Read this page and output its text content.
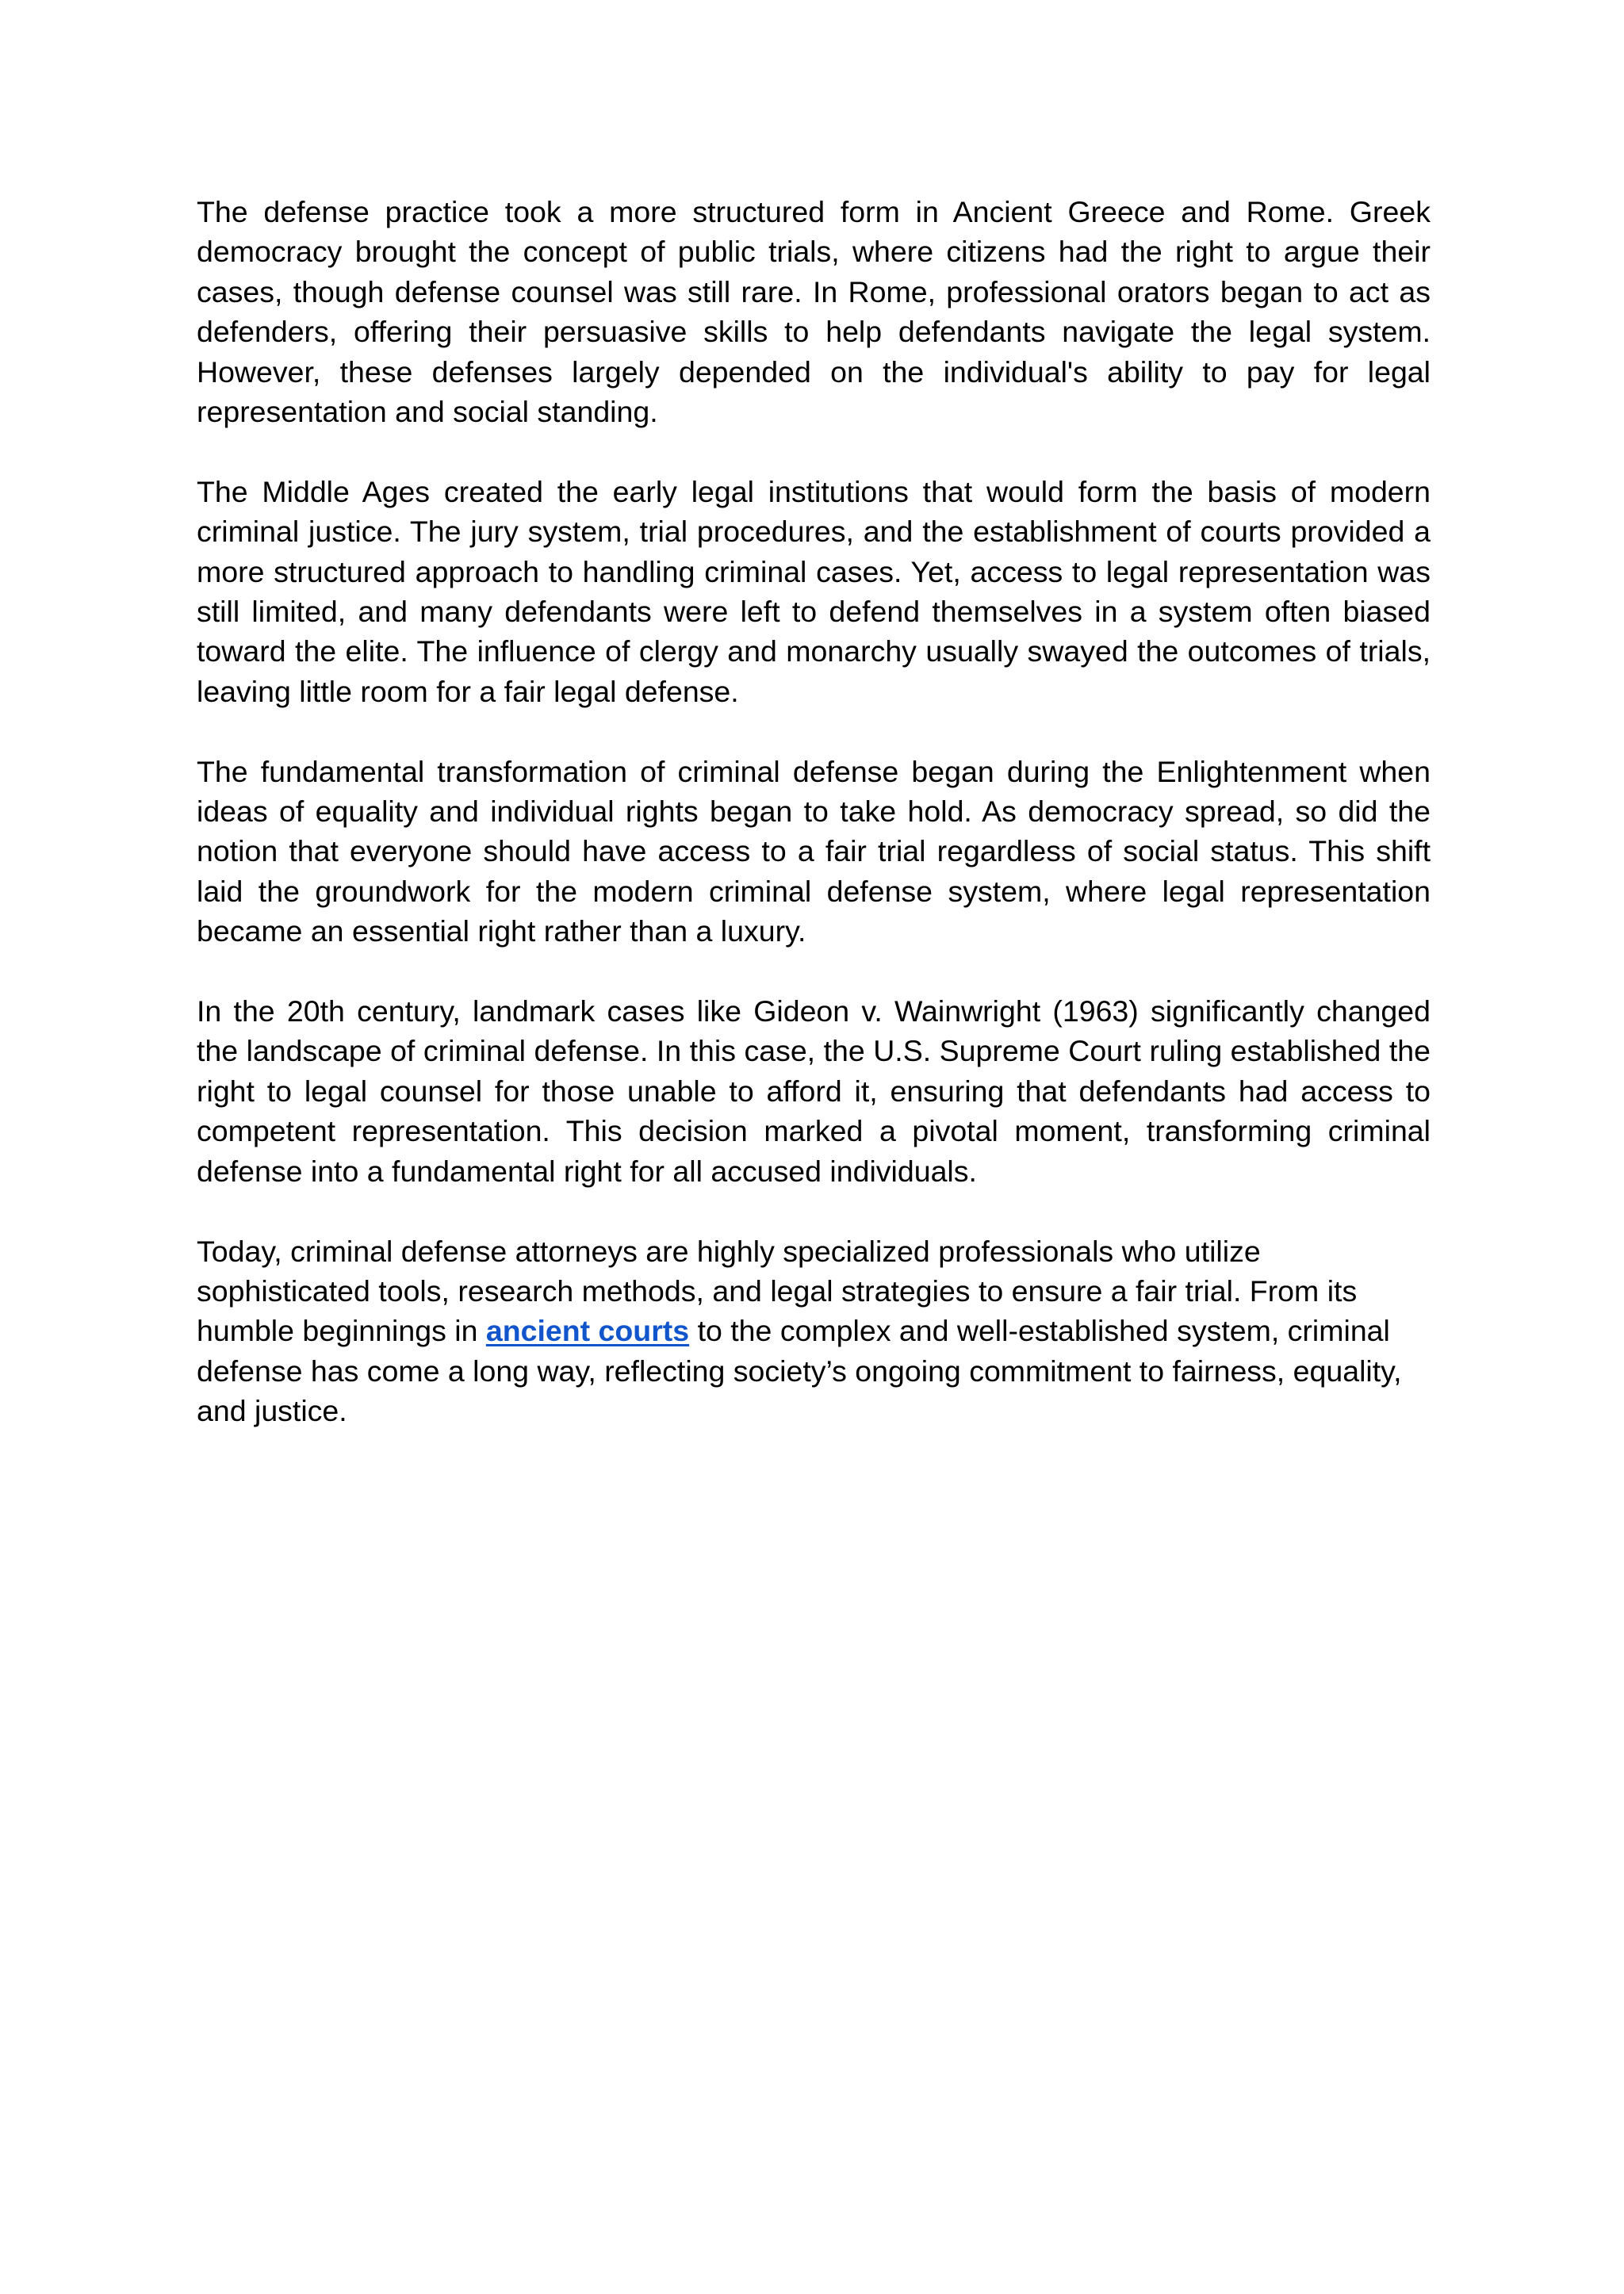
The defense practice took a more structured form in Ancient Greece and Rome. Greek democracy brought the concept of public trials, where citizens had the right to argue their cases, though defense counsel was still rare. In Rome, professional orators began to act as defenders, offering their persuasive skills to help defendants navigate the legal system. However, these defenses largely depended on the individual's ability to pay for legal representation and social standing.

The Middle Ages created the early legal institutions that would form the basis of modern criminal justice. The jury system, trial procedures, and the establishment of courts provided a more structured approach to handling criminal cases. Yet, access to legal representation was still limited, and many defendants were left to defend themselves in a system often biased toward the elite. The influence of clergy and monarchy usually swayed the outcomes of trials, leaving little room for a fair legal defense.

The fundamental transformation of criminal defense began during the Enlightenment when ideas of equality and individual rights began to take hold. As democracy spread, so did the notion that everyone should have access to a fair trial regardless of social status. This shift laid the groundwork for the modern criminal defense system, where legal representation became an essential right rather than a luxury.

In the 20th century, landmark cases like Gideon v. Wainwright (1963) significantly changed the landscape of criminal defense. In this case, the U.S. Supreme Court ruling established the right to legal counsel for those unable to afford it, ensuring that defendants had access to competent representation. This decision marked a pivotal moment, transforming criminal defense into a fundamental right for all accused individuals.

Today, criminal defense attorneys are highly specialized professionals who utilize sophisticated tools, research methods, and legal strategies to ensure a fair trial. From its humble beginnings in ancient courts to the complex and well-established system, criminal defense has come a long way, reflecting society’s ongoing commitment to fairness, equality, and justice.
